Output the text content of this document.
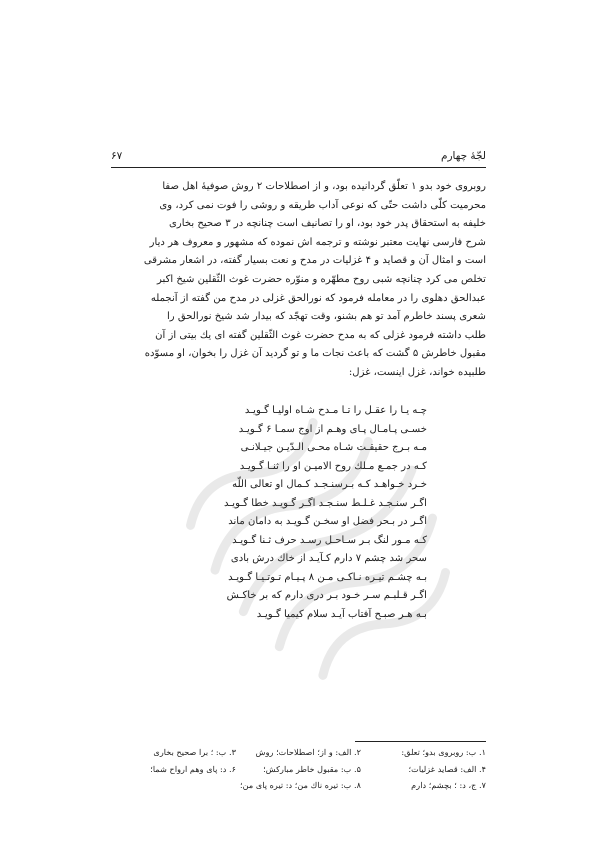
لجّۀ چهارم
۶۷
روبروی خود بدو ۱ تعلّق گردانیده بود، و از اصطلاحات ۲ روش صوفیۀ اهل صفا
محرمیت کلّی داشت حتّی که نوعی آداب طریقه و روشی را فوت نمی کرد، وی
خلیفه به استحقاق پدر خود بود، او را تصانیف است چنانچه در ۳ صحیح بخاری
شرح فارسی نهایت معتبر نوشته و ترجمه اش نموده که مشهور و معروف هر دیار
است و امثال آن و قصاید و ۴ غزلیات در مدح و نعت بسیار گفته، در اشعار مشرقی
تخلص می کرد چنانچه شبی روح مطهّره و منوّره حضرت غوث الثّقلین شیخ اکبر
عبدالحق دهلوی را در معامله فرمود که نورالحق غزلی در مدح من گفته از آنجمله
شعری پسند خاطرم آمد تو هم بشنو، وقت تهجّد که بیدار شد شیخ نورالحق را
طلب داشته فرمود غزلی که به مدح حضرت غوث الثّقلین گفته ای یك بیتی از آن
مقبول خاطرش ۵ گشت که باعث نجات ما و تو گردید آن غزل را بخوان، او مسوّده
طلبیده خواند، غزل اینست، غزل:
چـه یـا را عقـل را تـا مـدح شـاه اولیـا گـویـد
خسـی پـامـال پـای وهـم از اوج سمـا ۶ گـویـد
مـه بـرج حقیقـت شـاه محـی الـدّیـن جیـلانـی
کـه در جمـع مـلك روح الامیـن او را ثنـا گـویـد
خـرد خـواهـد کـه بـرسنـجـد کـمال او تعالی اللّه
اگـر سنـجـد غـلـط سنـجـد اگـر گـویـد خطا گـویـد
اگـر در بـحر فضل او سخـن گـویـد به دامان ماند
کـه مـور لنگ بـر سـاحـل رسـد حرف ثـنا گـویـد
سحر شد چشم ۷ دارم کـآیـد از خاك درش بادی
بـه چشـم تیـره نـاکـی مـن ۸ پـیـام تـوتـیـا گـویـد
اگـر قـلبـم سـر خـود بـر دری دارم که بر خاکـش
بـه هـر صبـح آفتاب آیـد سلام کیمیا گـویـد
۱. ب: روبروی بدو؛ تعلق:
۲. الف: و از؛ اصطلاحات؛ روش
۳. ب: ؛ برا صحیح بخاری
۴. الف: قصاید غزلیات؛
۵. ب: مقبول خاطر مبارکش؛
۶. د: پای وهم ارواح شما؛
۷. ج، د: ؛ بچشم؛ دارم
۸. ب: تیره ناك من؛ د: تیره پای من؛
